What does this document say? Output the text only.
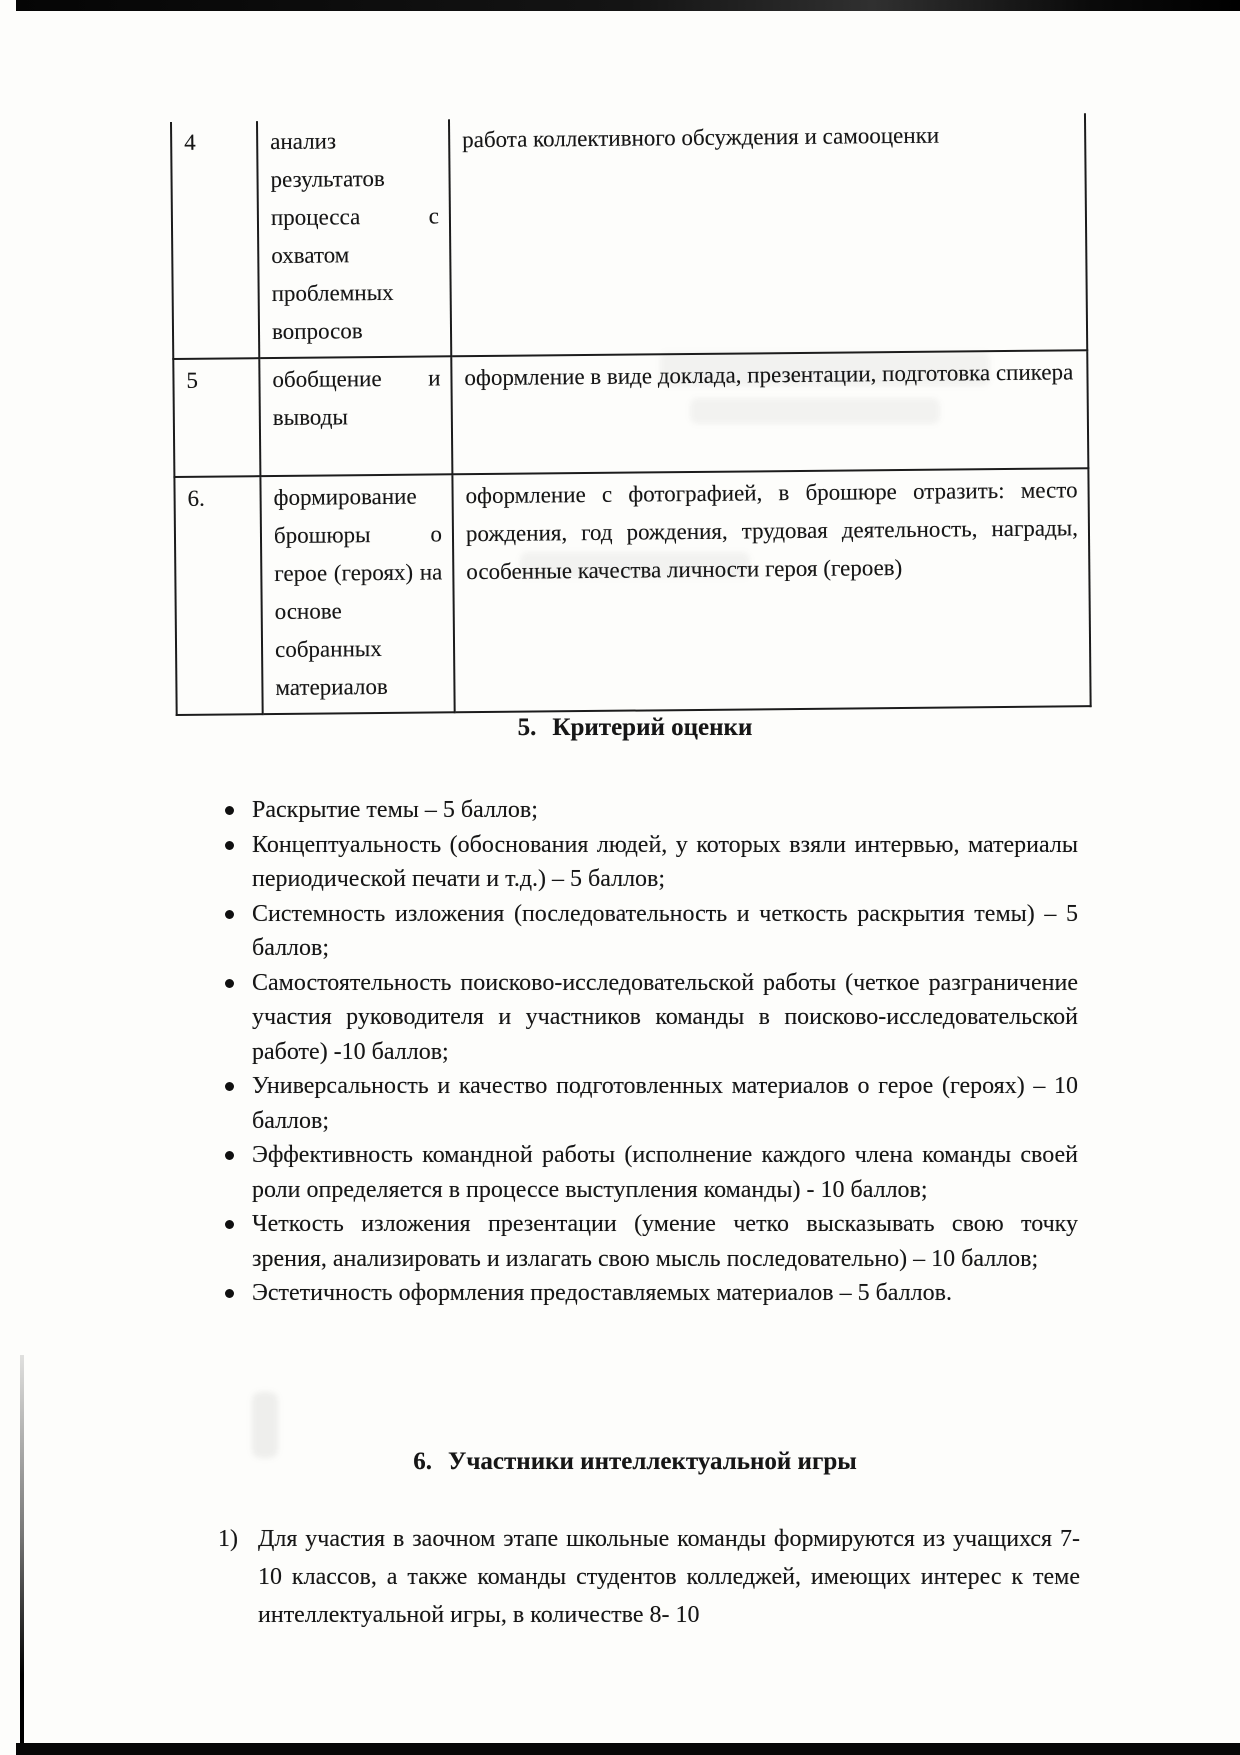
4	анализ результатов процесса с охватом проблемных вопросов	работа коллективного обсуждения и самооценки
5	обобщение и выводы	оформление в виде доклада, презентации, подготовка спикера
6.	формирование брошюры о герое (героях) на основе собранных материалов	оформление с фотографией, в брошюре отразить: место рождения, год рождения, трудовая деятельность, награды, особенные качества личности героя (героев)
5. Критерий оценки
Раскрытие темы – 5 баллов;
Концептуальность (обоснования людей, у которых взяли интервью, материалы периодической печати и т.д.) – 5 баллов;
Системность изложения (последовательность и четкость раскрытия темы) – 5 баллов;
Самостоятельность поисково-исследовательской работы (четкое разграничение участия руководителя и участников команды в поисково-исследовательской работе) -10 баллов;
Универсальность и качество подготовленных материалов о герое (героях) – 10 баллов;
Эффективность командной работы (исполнение каждого члена команды своей роли определяется в процессе выступления команды) - 10 баллов;
Четкость изложения презентации (умение четко высказывать свою точку зрения, анализировать и излагать свою мысль последовательно) – 10 баллов;
Эстетичность оформления предоставляемых материалов – 5 баллов.
6. Участники интеллектуальной игры
1) Для участия в заочном этапе школьные команды формируются из учащихся 7-10 классов, а также команды студентов колледжей, имеющих интерес к теме интеллектуальной игры, в количестве 8- 10
